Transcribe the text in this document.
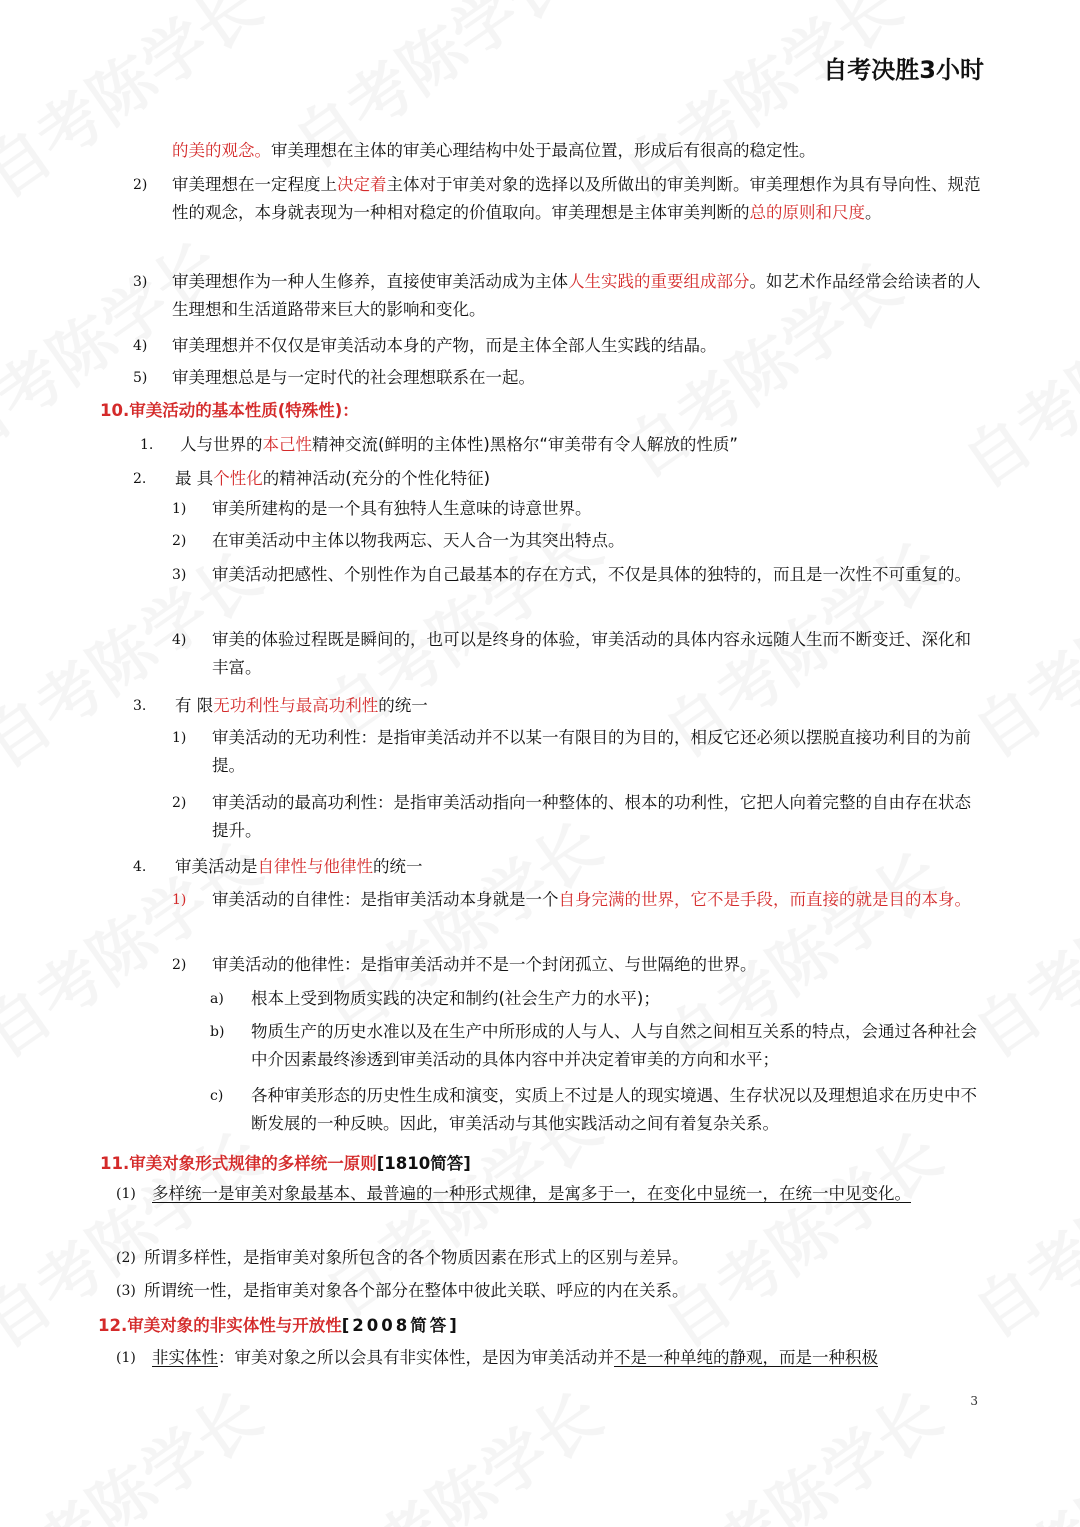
自考决胜3小时
的美的观念。审美理想在主体的审美心理结构中处于最高位置，形成后有很高的稳定性。
2) 审美理想在一定程度上决定着主体对于审美对象的选择以及所做出的审美判断。审美理想作为具有导向性、规范性的观念，本身就表现为一种相对稳定的价值取向。审美理想是主体审美判断的总的原则和尺度。
3) 审美理想作为一种人生修养，直接使审美活动成为主体人生实践的重要组成部分。如艺术作品经常会给读者的人生理想和生活道路带来巨大的影响和变化。
4) 审美理想并不仅仅是审美活动本身的产物，而是主体全部人生实践的结晶。
5) 审美理想总是与一定时代的社会理想联系在一起。
10.审美活动的基本性质(特殊性)：
1. 人与世界的本己性精神交流(鲜明的主体性)黑格尔“审美带有令人解放的性质”
2. 最 具个性化的精神活动(充分的个性化特征)
1) 审美所建构的是一个具有独特人生意味的诗意世界。
2) 在审美活动中主体以物我两忘、天人合一为其突出特点。
3) 审美活动把感性、个别性作为自己最基本的存在方式，不仅是具体的独特的，而且是一次性不可重复的。
4) 审美的体验过程既是瞬间的，也可以是终身的体验，审美活动的具体内容永远随人生而不断变迁、深化和丰富。
3. 有 限无功利性与最高功利性的统一
1) 审美活动的无功利性：是指审美活动并不以某一有限目的为目的，相反它还必须以摆脱直接功利目的为前提。
2) 审美活动的最高功利性：是指审美活动指向一种整体的、根本的功利性，它把人向着完整的自由存在状态提升。
4. 审美活动是自律性与他律性的统一
1) 审美活动的自律性：是指审美活动本身就是一个自身完满的世界，它不是手段，而直接的就是目的本身。
2) 审美活动的他律性：是指审美活动并不是一个封闭孤立、与世隔绝的世界。
a) 根本上受到物质实践的决定和制约(社会生产力的水平)；
b) 物质生产的历史水准以及在生产中所形成的人与人、人与自然之间相互关系的特点，会通过各种社会中介因素最终渗透到审美活动的具体内容中并决定着审美的方向和水平；
c) 各种审美形态的历史性生成和演变，实质上不过是人的现实境遇、生存状况以及理想追求在历史中不断发展的一种反映。因此，审美活动与其他实践活动之间有着复杂关系。
11.审美对象形式规律的多样统一原则[1810简答]
(1) 多样统一是审美对象最基本、最普遍的一种形式规律，是寓多于一，在变化中显统一，在统一中见变化。
(2) 所谓多样性，是指审美对象所包含的各个物质因素在形式上的区别与差异。
(3) 所谓统一性，是指审美对象各个部分在整体中彼此关联、呼应的内在关系。
12.审美对象的非实体性与开放性[2008简答]
(1) 非实体性：审美对象之所以会具有非实体性，是因为审美活动并不是一种单纯的静观，而是一种积极
3
